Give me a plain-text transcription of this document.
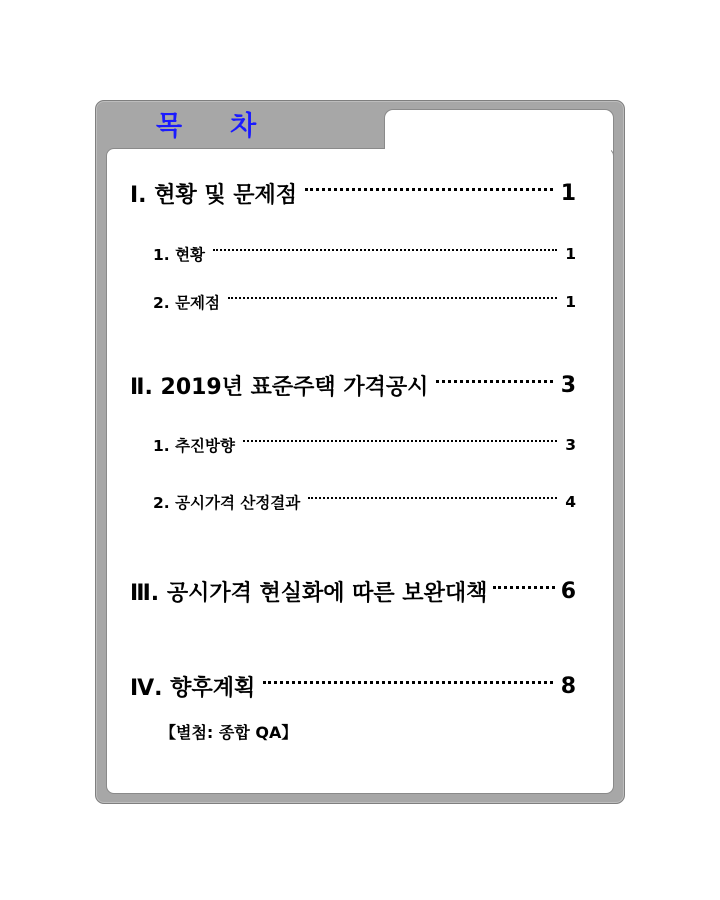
목 차
Ⅰ. 현황 및 문제점	1
1. 현황	1
2. 문제점	1
Ⅱ. 2019년 표준주택 가격공시	3
1. 추진방향	3
2. 공시가격 산정결과	4
Ⅲ. 공시가격 현실화에 따른 보완대책	6
Ⅳ. 향후계획	8
【별첨: 종합 QA】
